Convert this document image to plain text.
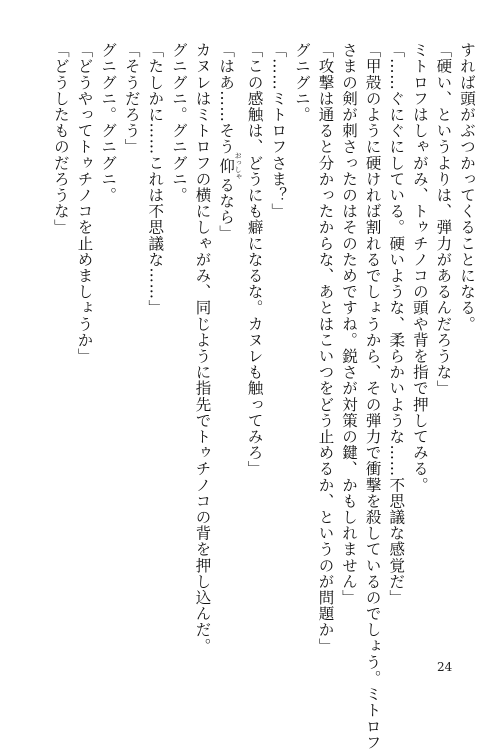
すれば頭がぶつかってくることになる。
「硬い、というよりは、弾力があるんだろうな」
ミトロフはしゃがみ、トゥチノコの頭や背を指で押してみる。
「……ぐにぐにしている。硬いような、柔らかいような……不思議な感覚だ」
「甲殻のように硬ければ割れるでしょうから、その弾力で衝撃を殺しているのでしょう。ミトロフ
さまの剣が刺さったのはそのためですね。鋭さが対策の鍵、かもしれません」
「攻撃は通ると分かったからな、あとはこいつをどう止めるか、というのが問題か」
グニグニ。
「……ミトロフさま？」
「この感触は、どうにも癖になるな。カヌレも触ってみろ」
「はあ……そう仰 おっしゃるなら」
カヌレはミトロフの横にしゃがみ、同じように指先でトゥチノコの背を押し込んだ。
グニグニ。グニグニ。
「たしかに……これは不思議な……」
「そうだろう」
グニグニ。グニグニ。
「どうやってトゥチノコを止めましょうか」
「どうしたものだろうな」
24
